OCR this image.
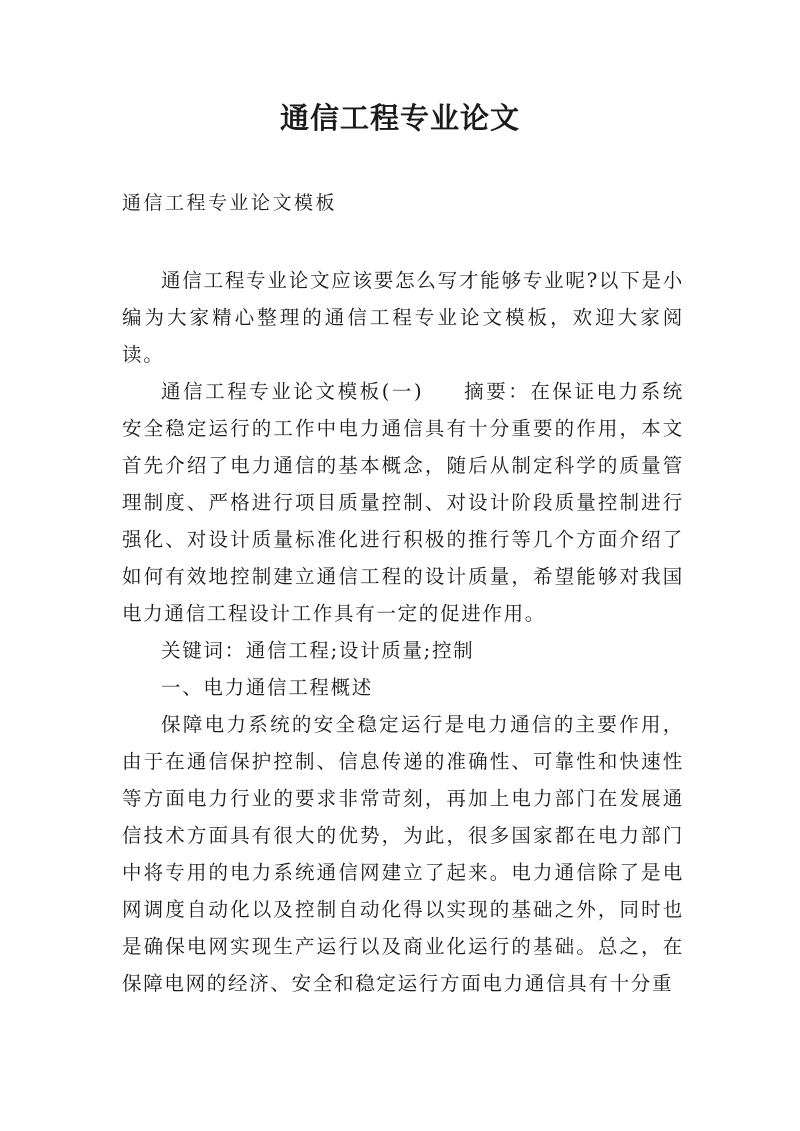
通信工程专业论文

通信工程专业论文模板

通信工程专业论文应该要怎么写才能够专业呢?以下是小编为大家精心整理的通信工程专业论文模板，欢迎大家阅读。

通信工程专业论文模板(一) 摘要：在保证电力系统安全稳定运行的工作中电力通信具有十分重要的作用，本文首先介绍了电力通信的基本概念，随后从制定科学的质量管理制度、严格进行项目质量控制、对设计阶段质量控制进行强化、对设计质量标准化进行积极的推行等几个方面介绍了如何有效地控制建立通信工程的设计质量，希望能够对我国电力通信工程设计工作具有一定的促进作用。

关键词：通信工程;设计质量;控制

一、电力通信工程概述

保障电力系统的安全稳定运行是电力通信的主要作用，由于在通信保护控制、信息传递的准确性、可靠性和快速性等方面电力行业的要求非常苛刻，再加上电力部门在发展通信技术方面具有很大的优势，为此，很多国家都在电力部门中将专用的电力系统通信网建立了起来。电力通信除了是电网调度自动化以及控制自动化得以实现的基础之外，同时也是确保电网实现生产运行以及商业化运行的基础。总之，在保障电网的经济、安全和稳定运行方面电力通信具有十分重
